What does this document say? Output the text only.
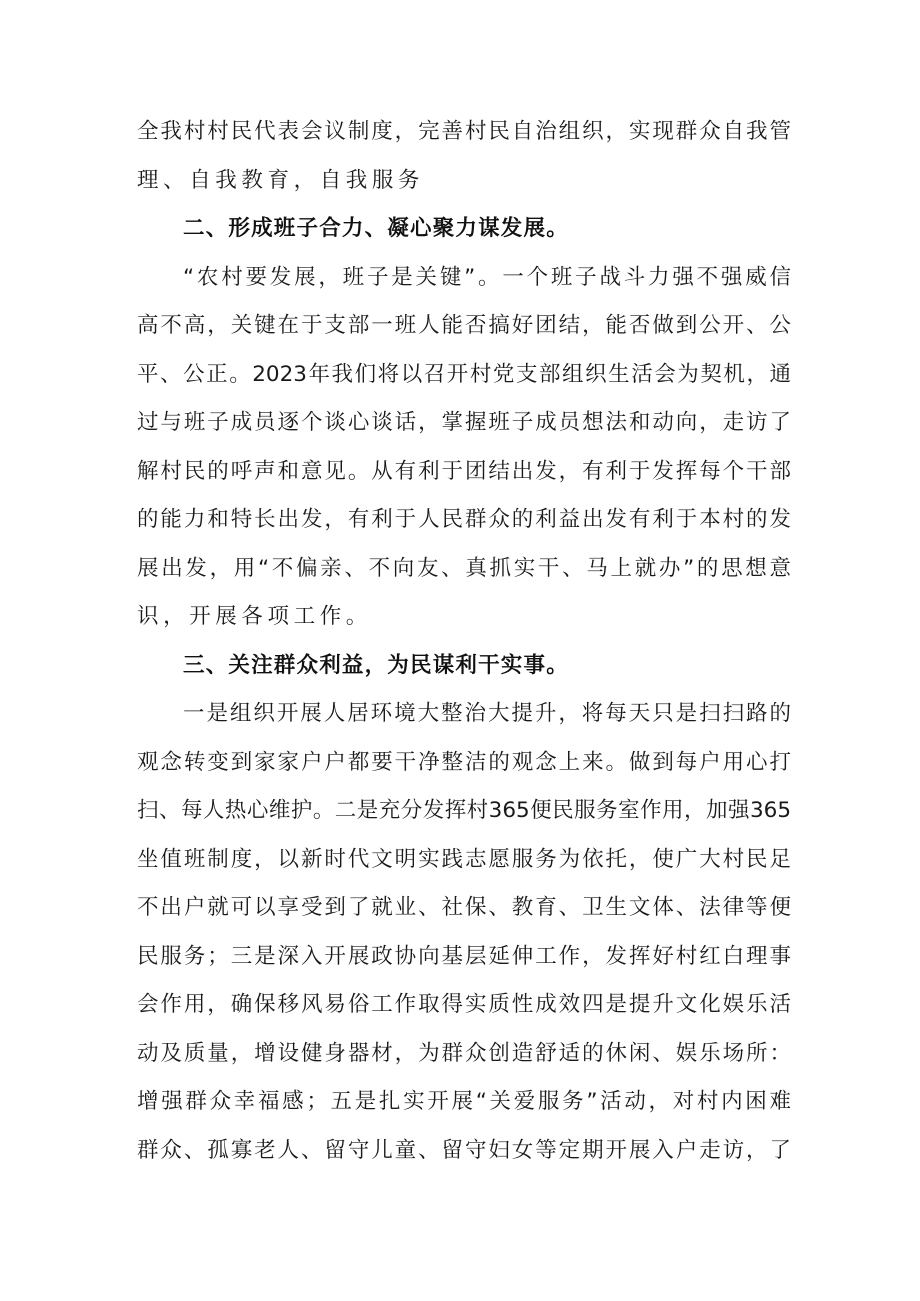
全我村村民代表会议制度，完善村民自治组织，实现群众自我管
理、自我教育，自我服务
二、形成班子合力、凝心聚力谋发展。
“农村要发展，班子是关键”。一个班子战斗力强不强威信
高不高，关键在于支部一班人能否搞好团结，能否做到公开、公
平、公正。2023年我们将以召开村党支部组织生活会为契机，通
过与班子成员逐个谈心谈话，掌握班子成员想法和动向，走访了
解村民的呼声和意见。从有利于团结出发，有利于发挥每个干部
的能力和特长出发，有利于人民群众的利益出发有利于本村的发
展出发，用“不偏亲、不向友、真抓实干、马上就办”的思想意
识，开展各项工作。
三、关注群众利益，为民谋利干实事。
一是组织开展人居环境大整治大提升，将每天只是扫扫路的
观念转变到家家户户都要干净整洁的观念上来。做到每户用心打
扫、每人热心维护。二是充分发挥村365便民服务室作用，加强365
坐值班制度，以新时代文明实践志愿服务为依托，使广大村民足
不出户就可以享受到了就业、社保、教育、卫生文体、法律等便
民服务；三是深入开展政协向基层延伸工作，发挥好村红白理事
会作用，确保移风易俗工作取得实质性成效四是提升文化娱乐活
动及质量，增设健身器材，为群众创造舒适的休闲、娱乐场所：
增强群众幸福感；五是扎实开展“关爱服务”活动，对村内困难
群众、孤寡老人、留守儿童、留守妇女等定期开展入户走访，了
